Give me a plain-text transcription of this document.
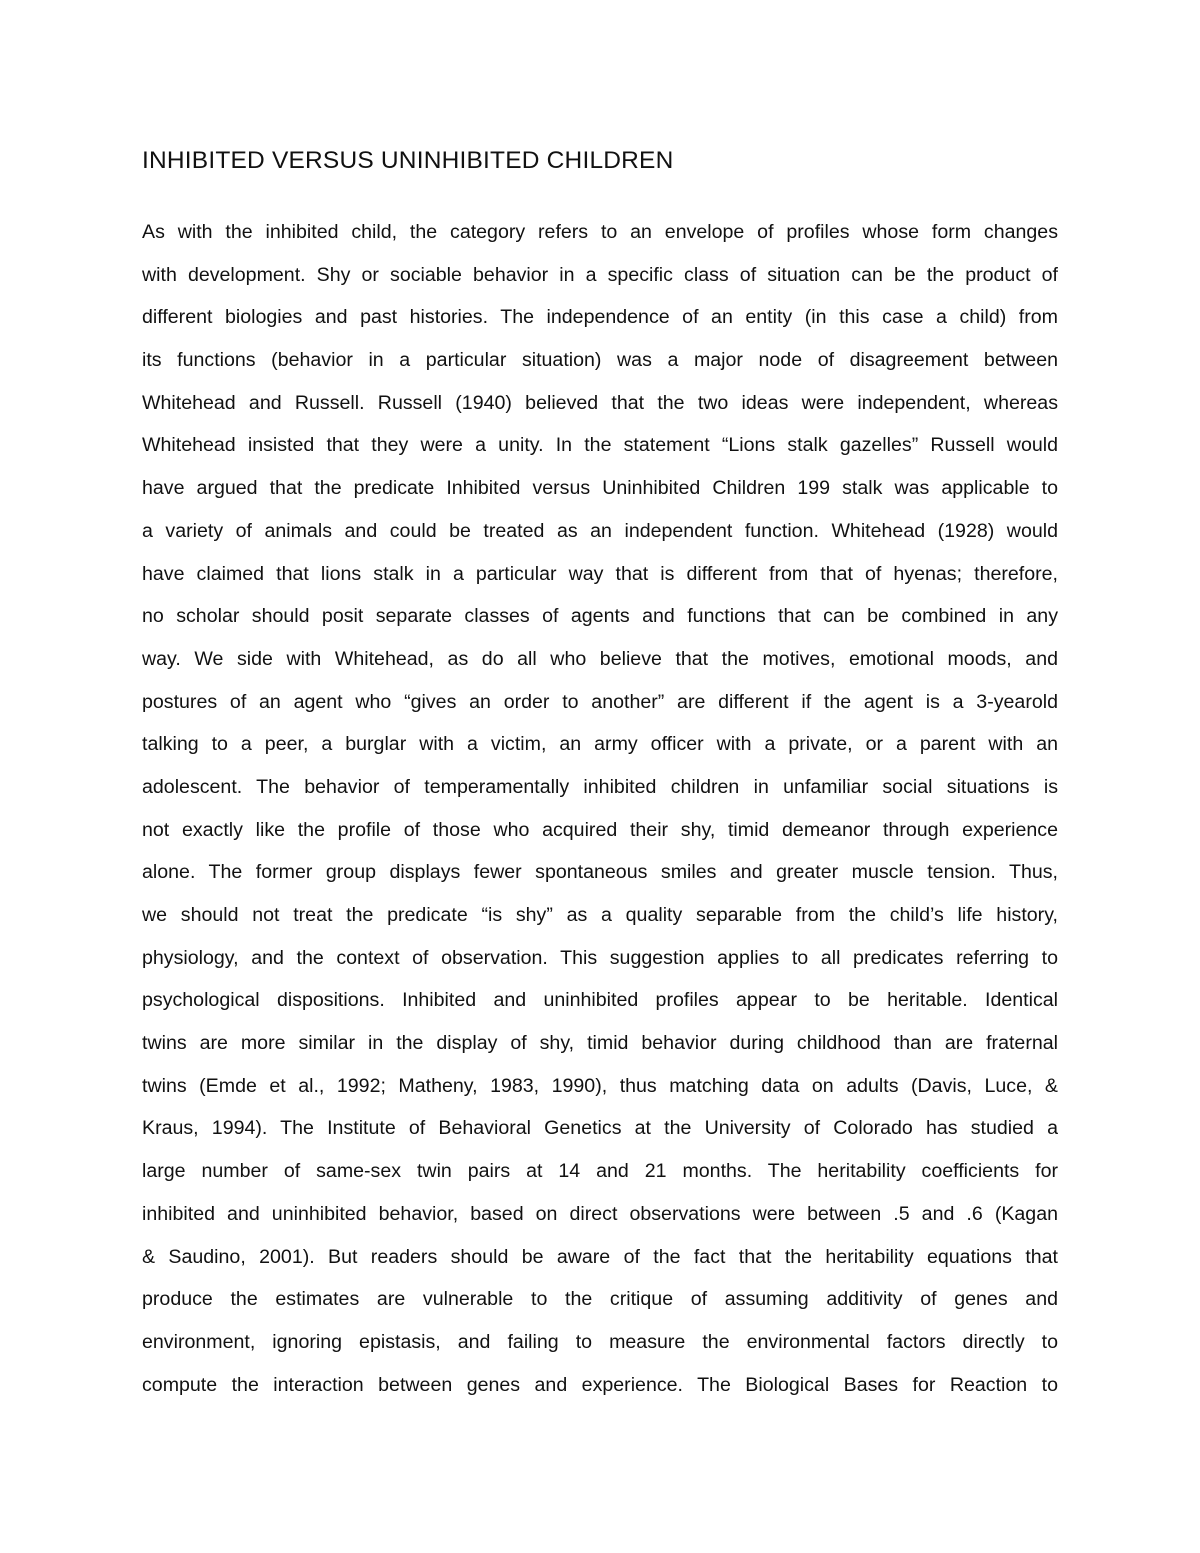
INHIBITED VERSUS UNINHIBITED CHILDREN
As with the inhibited child, the category refers to an envelope of profiles whose form changes
with development. Shy or sociable behavior in a specific class of situation can be the product of
different biologies and past histories. The independence of an entity (in this case a child) from
its functions (behavior in a particular situation) was a major node of disagreement between
Whitehead and Russell. Russell (1940) believed that the two ideas were independent, whereas
Whitehead insisted that they were a unity. In the statement “Lions stalk gazelles” Russell would
have argued that the predicate Inhibited versus Uninhibited Children 199 stalk was applicable to
a variety of animals and could be treated as an independent function. Whitehead (1928) would
have claimed that lions stalk in a particular way that is different from that of hyenas; therefore,
no scholar should posit separate classes of agents and functions that can be combined in any
way. We side with Whitehead, as do all who believe that the motives, emotional moods, and
postures of an agent who “gives an order to another” are different if the agent is a 3-yearold
talking to a peer, a burglar with a victim, an army officer with a private, or a parent with an
adolescent. The behavior of temperamentally inhibited children in unfamiliar social situations is
not exactly like the profile of those who acquired their shy, timid demeanor through experience
alone. The former group displays fewer spontaneous smiles and greater muscle tension. Thus,
we should not treat the predicate “is shy” as a quality separable from the child’s life history,
physiology, and the context of observation. This suggestion applies to all predicates referring to
psychological dispositions. Inhibited and uninhibited profiles appear to be heritable. Identical
twins are more similar in the display of shy, timid behavior during childhood than are fraternal
twins (Emde et al., 1992; Matheny, 1983, 1990), thus matching data on adults (Davis, Luce, &
Kraus, 1994). The Institute of Behavioral Genetics at the University of Colorado has studied a
large number of same-sex twin pairs at 14 and 21 months. The heritability coefficients for
inhibited and uninhibited behavior, based on direct observations were between .5 and .6 (Kagan
& Saudino, 2001). But readers should be aware of the fact that the heritability equations that
produce the estimates are vulnerable to the critique of assuming additivity of genes and
environment, ignoring epistasis, and failing to measure the environmental factors directly to
compute the interaction between genes and experience. The Biological Bases for Reaction to
